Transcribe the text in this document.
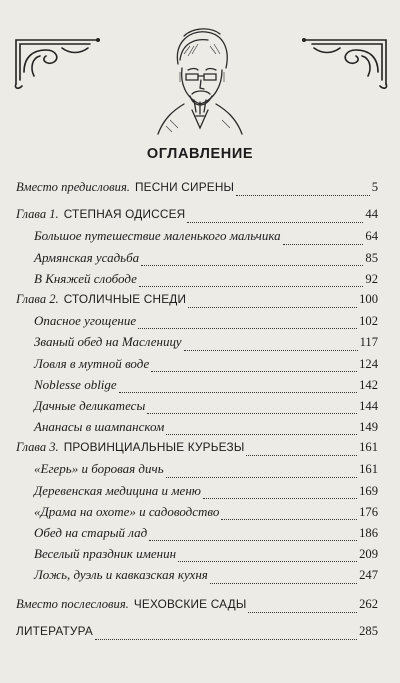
ОГЛАВЛЕНИЕ
Вместо предисловия. ПЕСНИ СИРЕНЫ	5
Глава 1. СТЕПНАЯ ОДИССЕЯ	44
Большое путешествие маленького мальчика	64
Армянская усадьба	85
В Княжей слободе	92
Глава 2. СТОЛИЧНЫЕ СНЕДИ	100
Опасное угощение	102
Званый обед на Масленицу	117
Ловля в мутной воде	124
Noblesse oblige	142
Дачные деликатесы	144
Ананасы в шампанском	149
Глава 3. ПРОВИНЦИАЛЬНЫЕ КУРЬЕЗЫ	161
«Егерь» и боровая дичь	161
Деревенская медицина и меню	169
«Драма на охоте» и садоводство	176
Обед на старый лад	186
Веселый праздник именин	209
Ложь, дуэль и кавказская кухня	247
Вместо послесловия. ЧЕХОВСКИЕ САДЫ	262
ЛИТЕРАТУРА	285
